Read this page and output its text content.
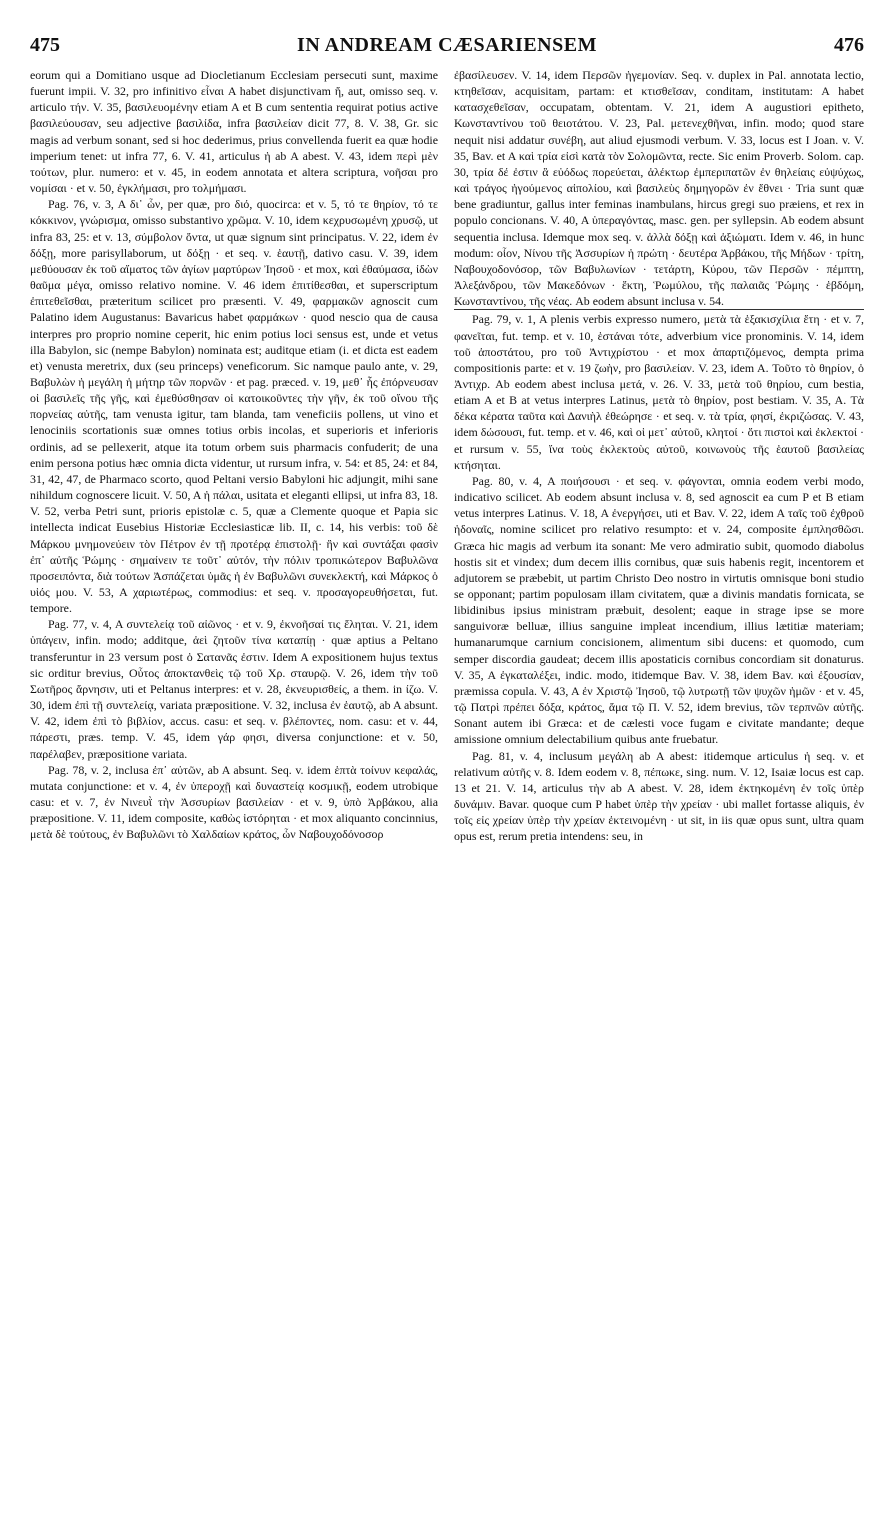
475	IN ANDREAM CÆSARIENSEM	476

eorum qui a Domitiano usque ad Diocletianum Ecclesiam persecuti sunt, maxime fuerunt impii. V. 32, pro infinitivo εἶναι A habet disjunctivam ἤ, aut, omisso seq. v. articulo τήν. V. 35, βασιλευομένην etiam A et B cum sententia requirat potius active βασιλεύουσαν, seu adjective βασιλίδα, infra βασιλείαν dicit 77, 8. V. 38, Gr. sic magis ad verbum sonant, sed si hoc dederimus, prius convellenda fuerit ea quæ hodie imperium tenet: ut infra 77, 6. V. 41, articulus ἡ ab A abest. V. 43, idem περὶ μὲν τούτων, plur. numero: et v. 45, in eodem annotata et altera scriptura, νοῆσαι pro νομίσαι · et v. 50, ἐγκλήμασι, pro τολμήμασι.

Pag. 76, v. 3, A δι᾽ ὧν, per quæ, pro διό, quocirca: et v. 5, τό τε θηρίον, τό τε κόκκινον, γνώρισμα, omisso substantivo χρῶμα. V. 10, idem κεχρυσωμένη χρυσῷ, ut infra 83, 25: et v. 13, σύμβολον ὄντα, ut quæ signum sint principatus. V. 22, idem ἐν δόξῃ, more parisyllaborum, ut δόξῃ · et seq. v. ἑαυτῇ, dativo casu. V. 39, idem μεθύουσαν ἐκ τοῦ αἵματος τῶν ἁγίων μαρτύρων Ἰησοῦ · et mox, καὶ ἐθαύμασα, ἰδὼν θαῦμα μέγα, omisso relativo nomine. V. 46 idem ἐπιτίθεσθαι, et superscriptum ἐπιτεθεῖσθαι, præteritum scilicet pro præsenti. V. 49, φαρμακῶν agnoscit cum Palatino idem Augustanus: Bavaricus habet φαρμάκων · quod nescio qua de causa interpres pro proprio nomine ceperit, hic enim potius loci sensus est, unde et vetus illa Babylon, sic (nempe Babylon) nominata est; auditque etiam (i. et dicta est eadem et) venusta meretrix, dux (seu princeps) veneficorum. Sic namque paulo ante, v. 29, Βαβυλὼν ἡ μεγάλη ἡ μήτηρ τῶν πορνῶν · et pag. præced. v. 19, μεθ᾽ ἧς ἐπόρνευσαν οἱ βασιλεῖς τῆς γῆς, καὶ ἐμεθύσθησαν οἱ κατοικοῦντες τὴν γῆν, ἐκ τοῦ οἴνου τῆς πορνείας αὐτῆς, tam venusta igitur, tam blanda, tam veneficiis pollens, ut vino et lenociniis scortationis suæ omnes totius orbis incolas, et superioris et inferioris ordinis, ad se pellexerit, atque ita totum orbem suis pharmacis confuderit; de una enim persona potius hæc omnia dicta videntur, ut rursum infra, v. 54: et 85, 24: et 84, 31, 42, 47, de Pharmaco scorto, quod Peltani versio Babyloni hic adjungit, mihi sane nihildum cognoscere licuit. V. 50, A ἡ πάλαι, usitata et eleganti ellipsi, ut infra 83, 18. V. 52, verba Petri sunt, prioris epistolæ c. 5, quæ a Clemente quoque et Papia sic intellecta indicat Eusebius Historiæ Ecclesiasticæ lib. II, c. 14, his verbis: τοῦ δὲ Μάρκου μνημονεύειν τὸν Πέτρον ἐν τῇ προτέρᾳ ἐπιστολῇ· ἣν καὶ συντάξαι φασὶν ἐπ᾽ αὐτῆς Ῥώμης · σημαίνειν τε τοῦτ᾽ αὐτόν, τὴν πόλιν τροπικώτερον Βαβυλῶνα προσειπόντα, διὰ τούτων Ἀσπάζεται ὑμᾶς ἡ ἐν Βαβυλῶνι συνεκλεκτή, καὶ Μάρκος ὁ υἱός μου. V. 53, A χαριωτέρως, commodius: et seq. v. προσαγορευθήσεται, fut. tempore.

Pag. 77, v. 4, A συντελείᾳ τοῦ αἰῶνος · et v. 9, ἐκνοῆσαί τις ἔληται. V. 21, idem ὑπάγειν, infin. modo; additque, ἀεὶ ζητοῦν τίνα καταπίῃ · quæ aptius a Peltano transferuntur in 23 versum post ὁ Σατανᾶς ἐστιν. Idem A expositionem hujus textus sic orditur brevius, Οὗτος ἀποκτανθεὶς τῷ τοῦ Χρ. σταυρῷ. V. 26, idem τὴν τοῦ Σωτῆρος ἄρνησιν, uti et Peltanus interpres: et v. 28, ἐκνευρισθείς, a them. in ίζω. V. 30, idem ἐπὶ τῇ συντελείᾳ, variata præpositione. V. 32, inclusa ἐν ἑαυτῷ, ab A absunt. V. 42, idem ἐπὶ τὸ βιβλίον, accus. casu: et seq. v. βλέποντες, nom. casu: et v. 44, πάρεστι, præs. temp. V. 45, idem γάρ φησι, diversa conjunctione: et v. 50, παρέλαβεν, præpositione variata.

Pag. 78, v. 2, inclusa ἐπ᾽ αὐτῶν, ab A absunt. Seq. v. idem ἑπτὰ τοίνυν κεφαλάς, mutata conjunctione: et v. 4, ἐν ὑπεροχῇ καὶ δυναστείᾳ κοσμικῇ, eodem utrobique casu: et v. 7, ἐν Νινευῒ τὴν Ἀσσυρίων βασιλείαν · et v. 9, ὑπὸ Ἀρβάκου, alia præpositione. V. 11, idem composite, καθὼς ἱστόρηται · et mox aliquanto concinnius, μετὰ δὲ τούτους, ἐν Βαβυλῶνι τὸ Χαλδαίων κράτος, ὧν Ναβουχοδόνοσορ

ἐβασίλευσεν. V. 14, idem Περσῶν ἡγεμονίαν. Seq. v. duplex in Pal. annotata lectio, κτηθεῖσαν, acquisitam, partam: et κτισθεῖσαν, conditam, institutam: A habet κατασχεθεῖσαν, occupatam, obtentam. V. 21, idem A augustiori epitheto, Κωνσταντίνου τοῦ θειοτάτου. V. 23, Pal. μετενεχθῆναι, infin. modo; quod stare nequit nisi addatur συνέβη, aut aliud ejusmodi verbum. V. 33, locus est I Joan. v. V. 35, Bav. et A καὶ τρία εἰσὶ κατὰ τὸν Σολομῶντα, recte. Sic enim Proverb. Solom. cap. 30, τρία δέ ἐστιν ἃ εὐόδως πορεύεται, ἀλέκτωρ ἐμπεριπατῶν ἐν θηλείαις εὐψύχως, καὶ τράγος ἡγούμενος αἰπολίου, καὶ βασιλεὺς δημηγορῶν ἐν ἔθνει · Tria sunt quæ bene gradiuntur, gallus inter feminas inambulans, hircus gregi suo præiens, et rex in populo concionans. V. 40, A ὑπεραγόντας, masc. gen. per syllepsin. Ab eodem absunt sequentia inclusa. Idemque mox seq. v. ἀλλὰ δόξῃ καὶ ἀξιώματι. Idem v. 46, in hunc modum: οἷον, Νίνου τῆς Ἀσσυρίων ἡ πρώτη · δευτέρα Ἀρβάκου, τῆς Μήδων · τρίτη, Ναβουχοδονόσορ, τῶν Βαβυλωνίων · τετάρτη, Κύρου, τῶν Περσῶν · πέμπτη, Ἀλεξάνδρου, τῶν Μακεδόνων · ἕκτη, Ῥωμύλου, τῆς παλαιᾶς Ῥώμης · ἑβδόμη, Κωνσταντίνου, τῆς νέας. Ab eodem absunt inclusa v. 54.

Pag. 79, v. 1, A plenis verbis expresso numero, μετὰ τὰ ἑξακισχίλια ἔτη · et v. 7, φανεῖται, fut. temp. et v. 10, ἑστάναι τότε, adverbium vice pronominis. V. 14, idem τοῦ ἀποστάτου, pro τοῦ Ἀντιχρίστου · et mox ἀπαρτιζόμενος, dempta prima compositionis parte: et v. 19 ζωὴν, pro βασιλείαν. V. 23, idem A. Τοῦτο τὸ θηρίον, ὁ Ἀντιχρ. Ab eodem abest inclusa μετά, v. 26. V. 33, μετὰ τοῦ θηρίου, cum bestia, etiam A et B at vetus interpres Latinus, μετὰ τὸ θηρίον, post bestiam. V. 35, A. Τὰ δέκα κέρατα ταῦτα καὶ Δανιὴλ ἐθεώρησε · et seq. v. τὰ τρία, φησί, ἐκριζώσας. V. 43, idem δώσουσι, fut. temp. et v. 46, καὶ οἱ μετ᾽ αὐτοῦ, κλητοί · ὅτι πιστοὶ καὶ ἐκλεκτοί · et rursum v. 55, ἵνα τοὺς ἐκλεκτοὺς αὐτοῦ, κοινωνοὺς τῆς ἑαυτοῦ βασιλείας κτήσηται.

Pag. 80, v. 4, A ποιήσουσι · et seq. v. φάγονται, omnia eodem verbi modo, indicativo scilicet. Ab eodem absunt inclusa v. 8, sed agnoscit ea cum P et B etiam vetus interpres Latinus. V. 18, A ἐνεργήσει, uti et Bav. V. 22, idem A ταῖς τοῦ ἐχθροῦ ἡδοναῖς, nomine scilicet pro relativo resumpto: et v. 24, composite ἐμπλησθῶσι. Græca hic magis ad verbum ita sonant: Me vero admiratio subit, quomodo diabolus hostis sit et vindex; dum decem illis cornibus, quæ suis habenis regit, incentorem et adjutorem se præbebit, ut partim Christo Deo nostro in virtutis omnisque boni studio se opponant; partim populosam illam civitatem, quæ a divinis mandatis fornicata, se libidinibus ipsius ministram præbuit, desolent; eaque in strage ipse se more sanguivoræ belluæ, illius sanguine impleat incendium, illius lætitiæ materiam; humanarumque carnium concisionem, alimentum sibi ducens: et quomodo, cum semper discordia gaudeat; decem illis apostaticis cornibus concordiam sit donaturus. V. 35, A ἐγκαταλέξει, indic. modo, itidemque Bav. V. 38, idem Bav. καὶ ἐξουσίαν, præmissa copula. V. 43, A ἐν Χριστῷ Ἰησοῦ, τῷ λυτρωτῇ τῶν ψυχῶν ἡμῶν · et v. 45, τῷ Πατρὶ πρέπει δόξα, κράτος, ἅμα τῷ Π. V. 52, idem brevius, τῶν τερπνῶν αὐτῆς. Sonant autem ibi Græca: et de cælesti voce fugam e civitate mandante; deque amissione omnium delectabilium quibus ante fruebatur.

Pag. 81, v. 4, inclusum μεγάλη ab A abest: itidemque articulus ἡ seq. v. et relativum αὐτῆς v. 8. Idem eodem v. 8, πέπωκε, sing. num. V. 12, Isaiæ locus est cap. 13 et 21. V. 14, articulus τὴν ab A abest. V. 28, idem ἐκτηκομένη ἐν τοῖς ὑπὲρ δυνάμιν. Bavar. quoque cum P habet ὑπὲρ τὴν χρείαν · ubi mallet fortasse aliquis, ἐν τοῖς εἰς χρείαν ὑπὲρ τὴν χρείαν ἐκτεινομένη · ut sit, in iis quæ opus sunt, ultra quam opus est, rerum pretia intendens: seu, in
